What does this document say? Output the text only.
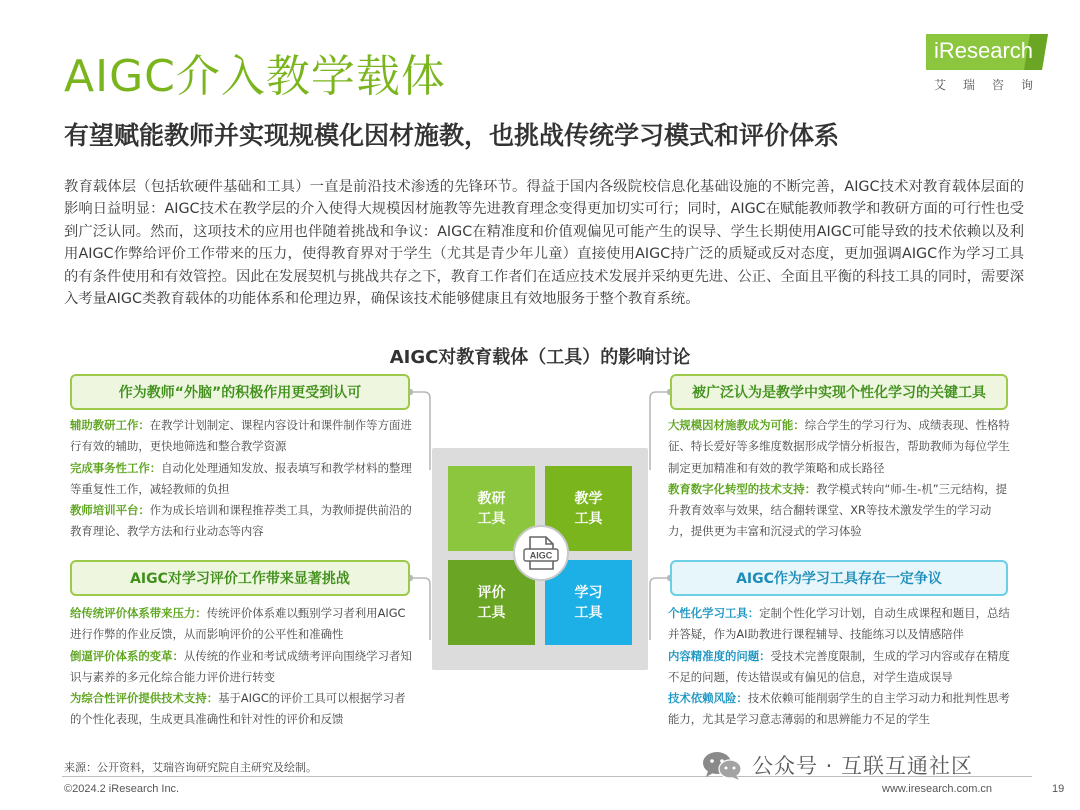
AIGC介入教学载体
有望赋能教师并实现规模化因材施教，也挑战传统学习模式和评价体系
iResearch
艾瑞咨询
教育载体层（包括软硬件基础和工具）一直是前沿技术渗透的先锋环节。得益于国内各级院校信息化基础设施的不断完善，AIGC技术对教育载体层面的影响日益明显：AIGC技术在教学层的介入使得大规模因材施教等先进教育理念变得更加切实可行；同时，AIGC在赋能教师教学和教研方面的可行性也受到广泛认同。然而，这项技术的应用也伴随着挑战和争议：AIGC在精准度和价值观偏见可能产生的误导、学生长期使用AIGC可能导致的技术依赖以及利用AIGC作弊给评价工作带来的压力，使得教育界对于学生（尤其是青少年儿童）直接使用AIGC持广泛的质疑或反对态度，更加强调AIGC作为学习工具的有条件使用和有效管控。因此在发展契机与挑战共存之下，教育工作者们在适应技术发展并采纳更先进、公正、全面且平衡的科技工具的同时，需要深入考量AIGC类教育载体的功能体系和伦理边界，确保该技术能够健康且有效地服务于整个教育系统。
AIGC对教育载体（工具）的影响讨论
作为教师“外脑”的积极作用更受到认可

辅助教研工作：在教学计划制定、课程内容设计和课件制作等方面进行有效的辅助，更快地筛选和整合教学资源

完成事务性工作：自动化处理通知发放、报表填写和教学材料的整理等重复性工作，减轻教师的负担

教师培训平台：作为成长培训和课程推荐类工具，为教师提供前沿的教育理论、教学方法和行业动态等内容

被广泛认为是教学中实现个性化学习的关键工具

大规模因材施教成为可能：综合学生的学习行为、成绩表现、性格特征、特长爱好等多维度数据形成学情分析报告，帮助教师为每位学生制定更加精准和有效的教学策略和成长路径

教育数字化转型的技术支持：教学模式转向“师-生-机”三元结构，提升教育效率与效果，结合翻转课堂、XR等技术激发学生的学习动力，提供更为丰富和沉浸式的学习体验

AIGC对学习评价工作带来显著挑战

给传统评价体系带来压力：传统评价体系难以甄别学习者利用AIGC进行作弊的作业反馈，从而影响评价的公平性和准确性

倒逼评价体系的变革：从传统的作业和考试成绩考评向围绕学习者知识与素养的多元化综合能力评价进行转变

为综合性评价提供技术支持：基于AIGC的评价工具可以根据学习者的个性化表现，生成更具准确性和针对性的评价和反馈

AIGC作为学习工具存在一定争议

个性化学习工具：定制个性化学习计划，自动生成课程和题目，总结并答疑，作为AI助教进行课程辅导、技能练习以及情感陪伴

内容精准度的问题：受技术完善度限制，生成的学习内容或存在精度不足的问题，传达错误或有偏见的信息，对学生造成误导

技术依赖风险：技术依赖可能削弱学生的自主学习动力和批判性思考能力，尤其是学习意志薄弱的和思辨能力不足的学生

教研
工具
教学
工具
评价
工具
学习
工具
AIGC
来源：公开资料，艾瑞咨询研究院自主研究及绘制。
©2024.2 iResearch Inc.	www.iresearch.com.cn	19
公众号 · 互联互通社区
